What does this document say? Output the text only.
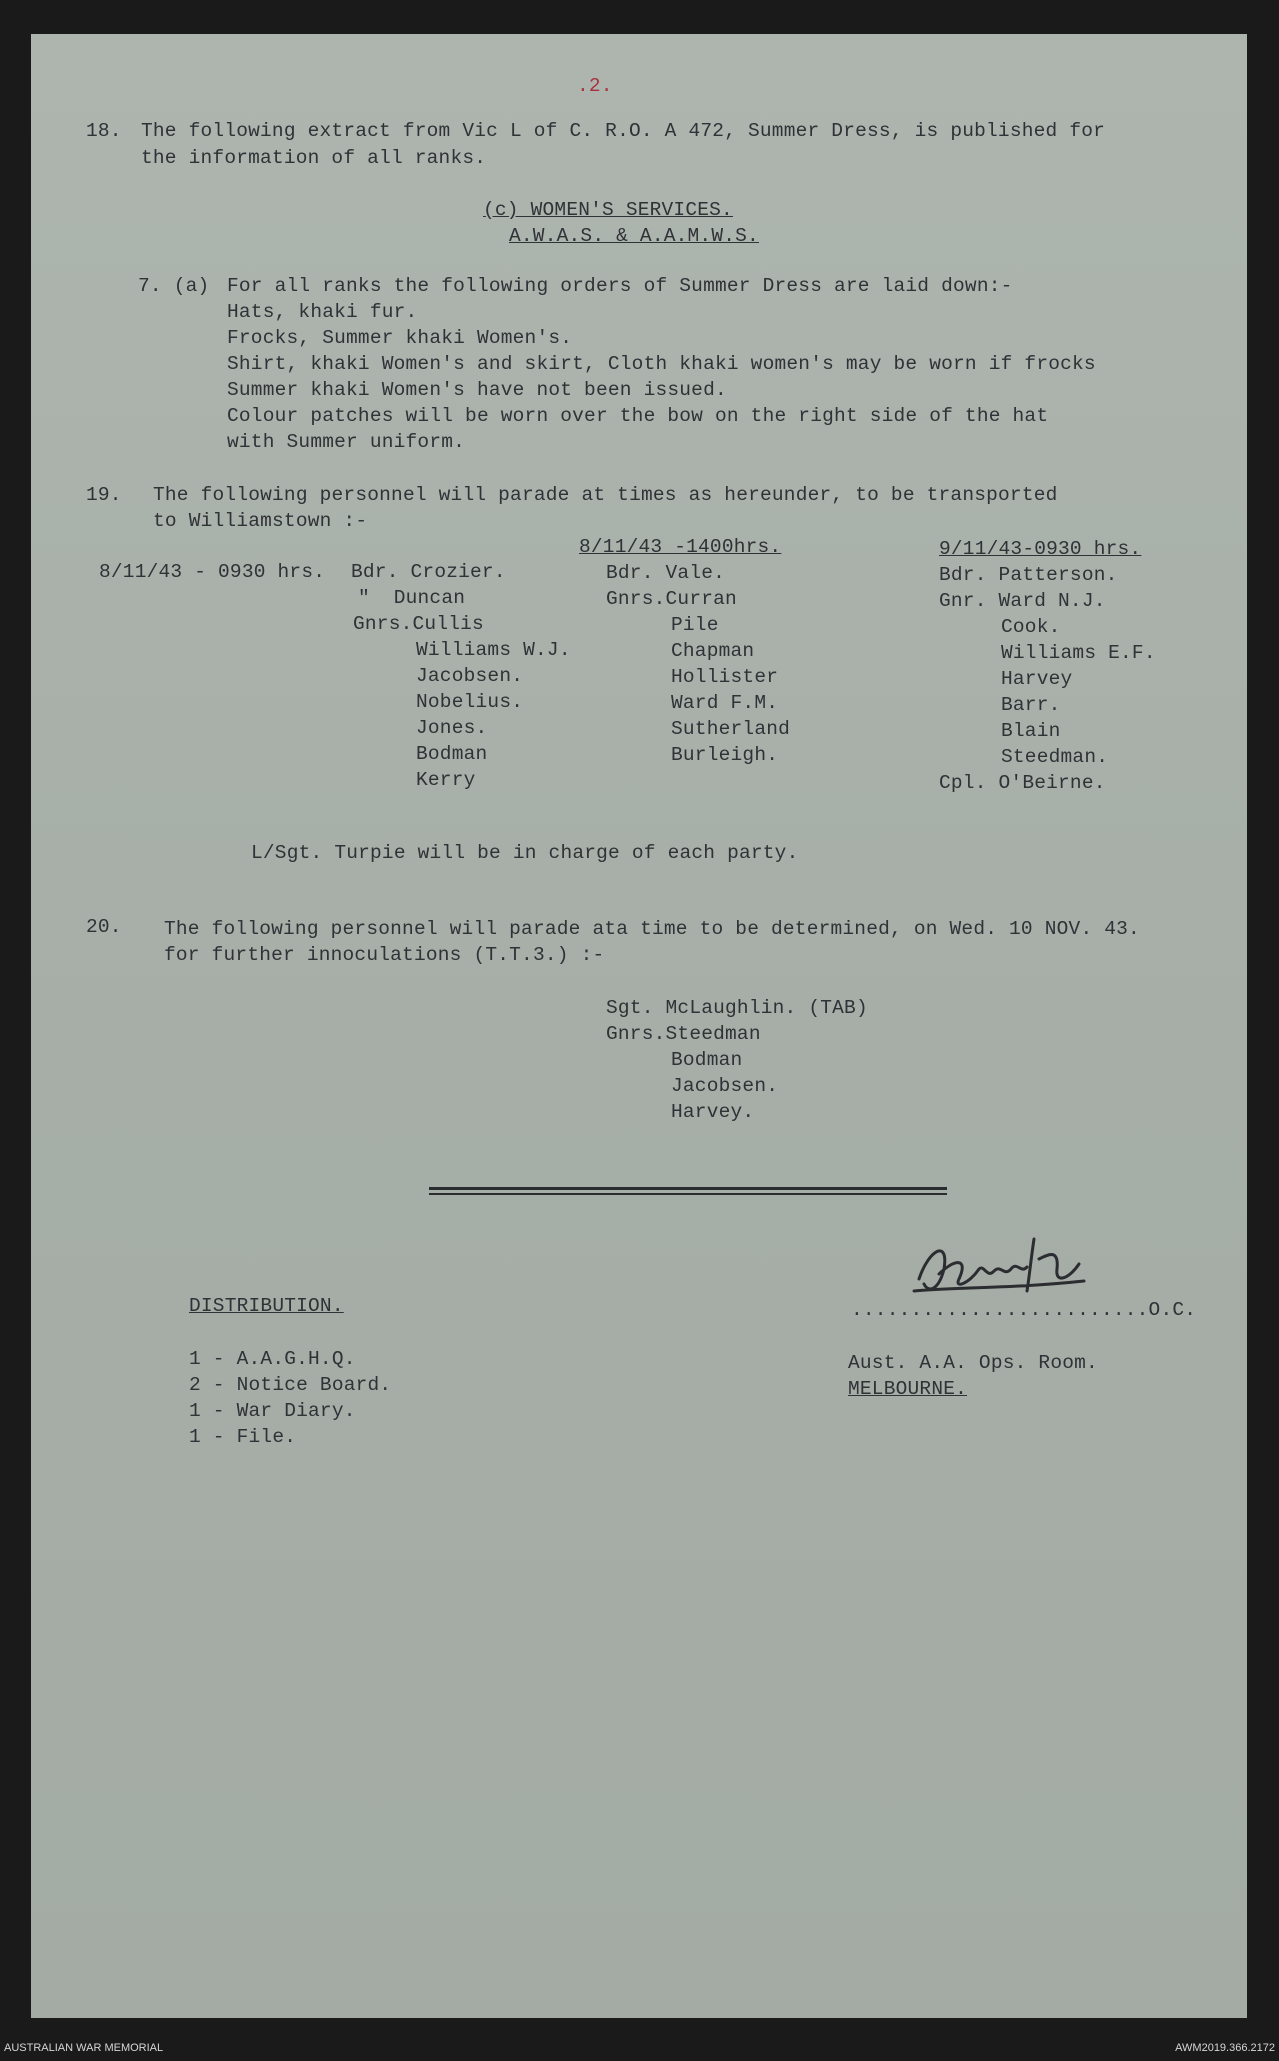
.2.
18. The following extract from Vic L of C. R.O. A 472, Summer Dress, is published for
the information of all ranks.
(c) WOMEN'S SERVICES.
A.W.A.S. & A.A.M.W.S.
7. (a) For all ranks the following orders of Summer Dress are laid down:-
Hats, khaki fur.
Frocks, Summer khaki Women's.
Shirt, khaki Women's and skirt, Cloth khaki women's may be worn if frocks
Summer khaki Women's have not been issued.
Colour patches will be worn over the bow on the right side of the hat
with Summer uniform.
19. The following personnel will parade at times as hereunder, to be transported
to Williamstown :-
8/11/43 -1400hrs.	9/11/43-0930 hrs.
8/11/43 - 0930 hrs. Bdr. Crozier.
"  Duncan
Gnrs.Cullis
Williams W.J.
Jacobsen.
Nobelius.
Jones.
Bodman
Kerry
Bdr. Vale.
Gnrs.Curran
Pile
Chapman
Hollister
Ward F.M.
Sutherland
Burleigh.
Bdr. Patterson.
Gnr. Ward N.J.
Cook.
Williams E.F.
Harvey
Barr.
Blain
Steedman.
Cpl. O'Beirne.
L/Sgt. Turpie will be in charge of each party.
20. The following personnel will parade ata time to be determined, on Wed. 10 NOV. 43.
for further innoculations (T.T.3.) :-
Sgt. McLaughlin. (TAB)
Gnrs.Steedman
Bodman
Jacobsen.
Harvey.
.........................O.C.
Aust. A.A. Ops. Room.
MELBOURNE.
DISTRIBUTION.
1 - A.A.G.H.Q.
2 - Notice Board.
1 - War Diary.
1 - File.
AUSTRALIAN WAR MEMORIAL	AWM2019.366.2172
